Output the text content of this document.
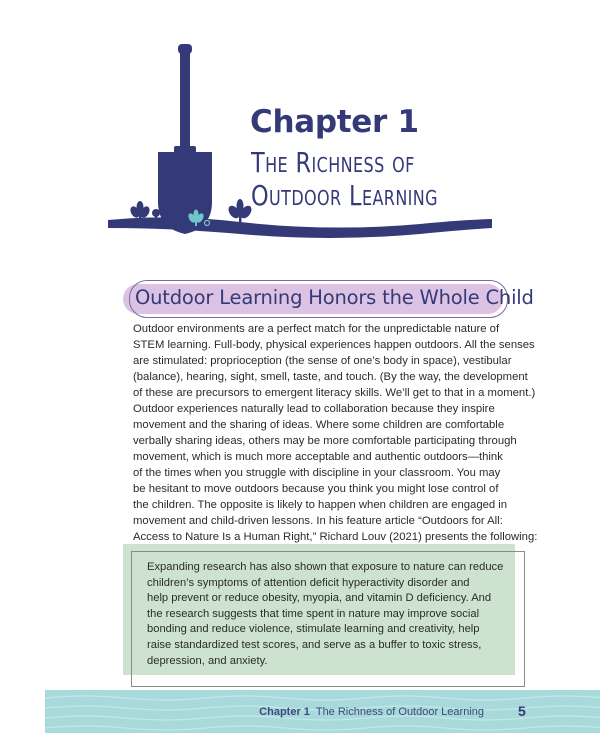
Chapter 1
The Richness of
Outdoor Learning
Outdoor Learning Honors the Whole Child
Outdoor environments are a perfect match for the unpredictable nature of
STEM learning. Full-body, physical experiences happen outdoors. All the senses
are stimulated: proprioception (the sense of one’s body in space), vestibular
(balance), hearing, sight, smell, taste, and touch. (By the way, the development
of these are precursors to emergent literacy skills. We’ll get to that in a moment.)
Outdoor experiences naturally lead to collaboration because they inspire
movement and the sharing of ideas. Where some children are comfortable
verbally sharing ideas, others may be more comfortable participating through
movement, which is much more acceptable and authentic outdoors—think
of the times when you struggle with discipline in your classroom. You may
be hesitant to move outdoors because you think you might lose control of
the children. The opposite is likely to happen when children are engaged in
movement and child-driven lessons. In his feature article “Outdoors for All:
Access to Nature Is a Human Right,” Richard Louv (2021) presents the following:
Expanding research has also shown that exposure to nature can reduce
children’s symptoms of attention deficit hyperactivity disorder and
help prevent or reduce obesity, myopia, and vitamin D deficiency. And
the research suggests that time spent in nature may improve social
bonding and reduce violence, stimulate learning and creativity, help
raise standardized test scores, and serve as a buffer to toxic stress,
depression, and anxiety.
Chapter 1 The Richness of Outdoor Learning 5
